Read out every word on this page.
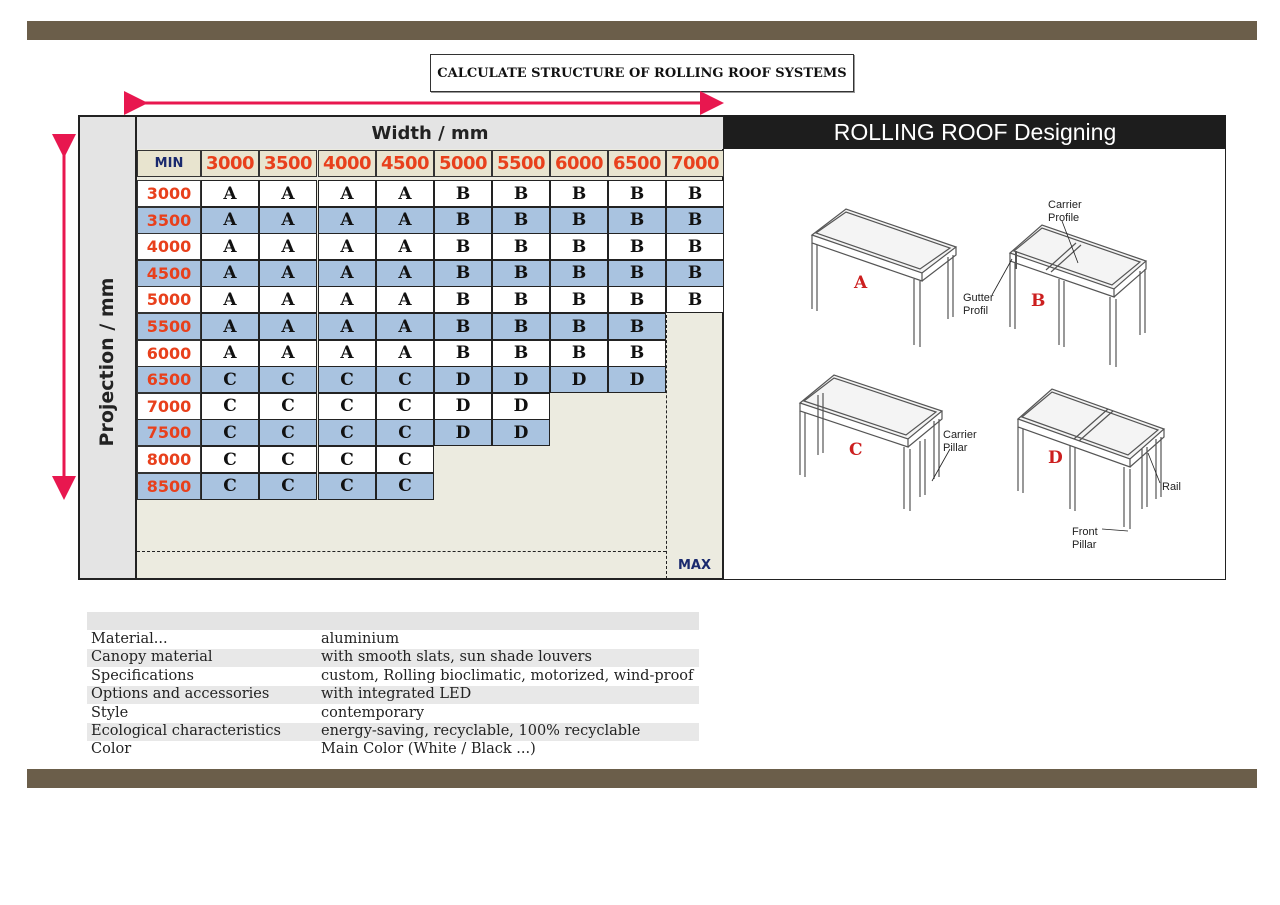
CALCULATE STRUCTURE OF ROLLING ROOF SYSTEMS
Projection / mm
Width / mm
MIN
MAX
3000 3500 4000 4500 5000 5500 6000 6500 7000
3000	A	A	A	A	B	B	B	B	B
3500	A	A	A	A	B	B	B	B	B
4000	A	A	A	A	B	B	B	B	B
4500	A	A	A	A	B	B	B	B	B
5000	A	A	A	A	B	B	B	B	B
5500	A	A	A	A	B	B	B	B
6000	A	A	A	A	B	B	B	B
6500	C	C	C	C	D	D	D	D
7000	C	C	C	C	D	D
7500	C	C	C	C	D	D
8000	C	C	C	C
8500	C	C	C	C
ROLLING ROOF Designing
A
B
C	D
Carrier
Profile
Gutter
Profil
Carrier
Pillar
Rail
Front
Pillar
Material...	aluminium
Canopy material	with smooth slats, sun shade louvers
Specifications	custom, Rolling bioclimatic, motorized, wind-proof
Options and accessories	with integrated LED
Style	contemporary
Ecological characteristics	energy-saving, recyclable, 100% recyclable
Color	Main Color (White / Black ...)
